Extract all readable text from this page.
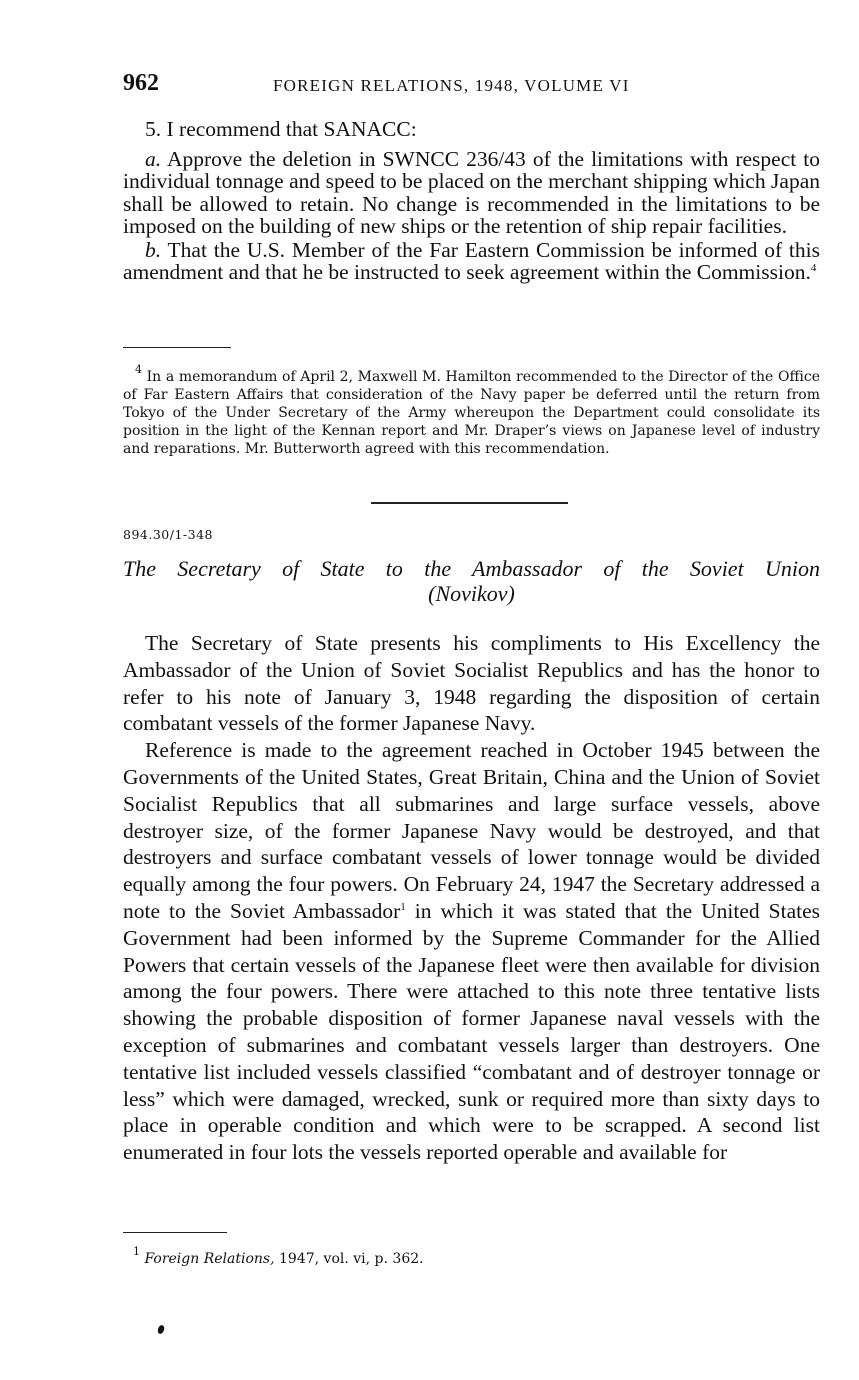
962	FOREIGN RELATIONS, 1948, VOLUME VI

5. I recommend that SANACC:

a. Approve the deletion in SWNCC 236/43 of the limitations with respect to individual tonnage and speed to be placed on the merchant shipping which Japan shall be allowed to retain. No change is recommended in the limitations to be imposed on the building of new ships or the retention of ship repair facilities.

b. That the U.S. Member of the Far Eastern Commission be informed of this amendment and that he be instructed to seek agreement within the Commission.$^4$

$^4$ In a memorandum of April 2, Maxwell M. Hamilton recommended to the Director of the Office of Far Eastern Affairs that consideration of the Navy paper be deferred until the return from Tokyo of the Under Secretary of the Army whereupon the Department could consolidate its position in the light of the Kennan report and Mr. Draper’s views on Japanese level of industry and reparations. Mr. Butterworth agreed with this recommendation.
894.30/1-348
The Secretary of State to the Ambassador of the Soviet Union
(Novikov)

The Secretary of State presents his compliments to His Excellency the Ambassador of the Union of Soviet Socialist Republics and has the honor to refer to his note of January 3, 1948 regarding the disposition of certain combatant vessels of the former Japanese Navy.

Reference is made to the agreement reached in October 1945 between the Governments of the United States, Great Britain, China and the Union of Soviet Socialist Republics that all submarines and large surface vessels, above destroyer size, of the former Japanese Navy would be destroyed, and that destroyers and surface combatant vessels of lower tonnage would be divided equally among the four powers. On February 24, 1947 the Secretary addressed a note to the Soviet Ambassador$^1$ in which it was stated that the United States Government had been informed by the Supreme Commander for the Allied Powers that certain vessels of the Japanese fleet were then available for division among the four powers. There were attached to this note three tentative lists showing the probable disposition of former Japanese naval vessels with the exception of submarines and combatant vessels larger than destroyers. One tentative list included vessels classified “combatant and of destroyer tonnage or less” which were damaged, wrecked, sunk or required more than sixty days to place in operable condition and which were to be scrapped. A second list enumerated in four lots the vessels reported operable and available for

$^1$ Foreign Relations, 1947, vol. vi, p. 362.
